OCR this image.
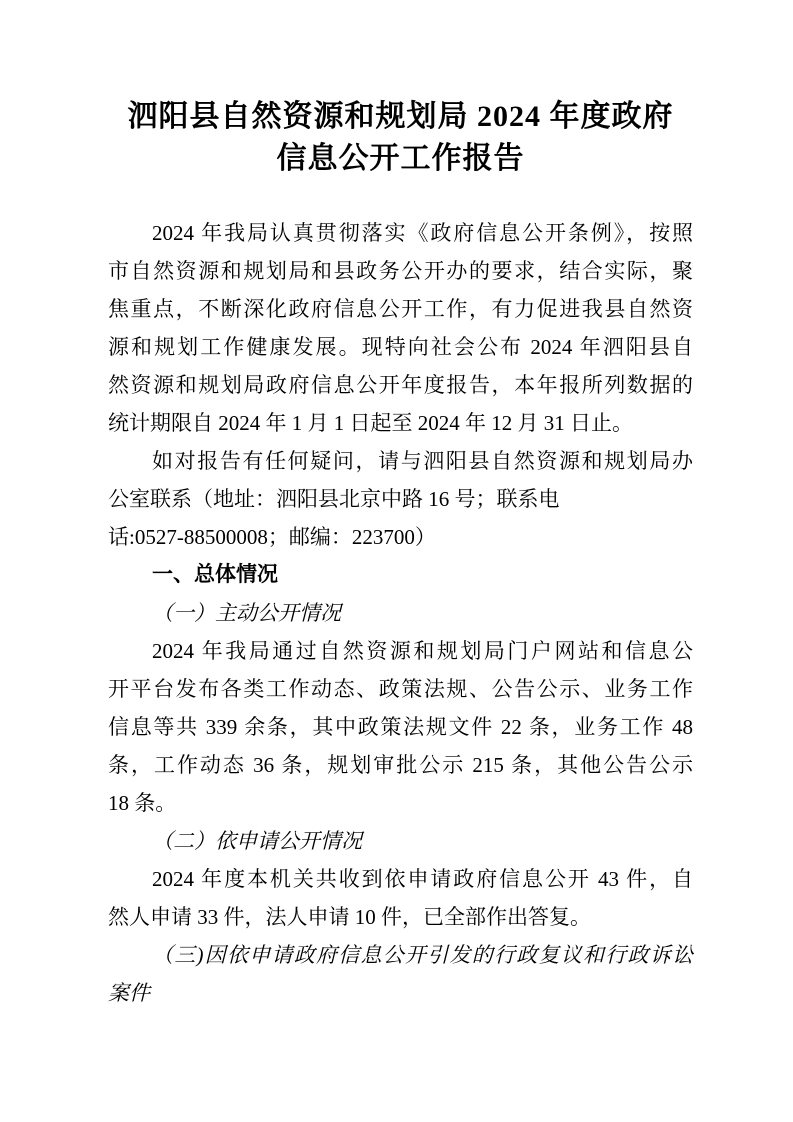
泗阳县自然资源和规划局 2024 年度政府
信息公开工作报告
2024 年我局认真贯彻落实《政府信息公开条例》，按照
市自然资源和规划局和县政务公开办的要求，结合实际，聚
焦重点，不断深化政府信息公开工作，有力促进我县自然资
源和规划工作健康发展。现特向社会公布 2024 年泗阳县自
然资源和规划局政府信息公开年度报告，本年报所列数据的
统计期限自 2024 年 1 月 1 日起至 2024 年 12 月 31 日止。
如对报告有任何疑问，请与泗阳县自然资源和规划局办
公室联系（地址：泗阳县北京中路 16 号；联系电
话:0527-88500008；邮编：223700）
一、总体情况
（一）主动公开情况
2024 年我局通过自然资源和规划局门户网站和信息公
开平台发布各类工作动态、政策法规、公告公示、业务工作
信息等共 339 余条，其中政策法规文件 22 条，业务工作 48
条，工作动态 36 条，规划审批公示 215 条，其他公告公示
18 条。
（二）依申请公开情况
2024 年度本机关共收到依申请政府信息公开 43 件，自
然人申请 33 件，法人申请 10 件，已全部作出答复。
（三)因依申请政府信息公开引发的行政复议和行政诉讼
案件
